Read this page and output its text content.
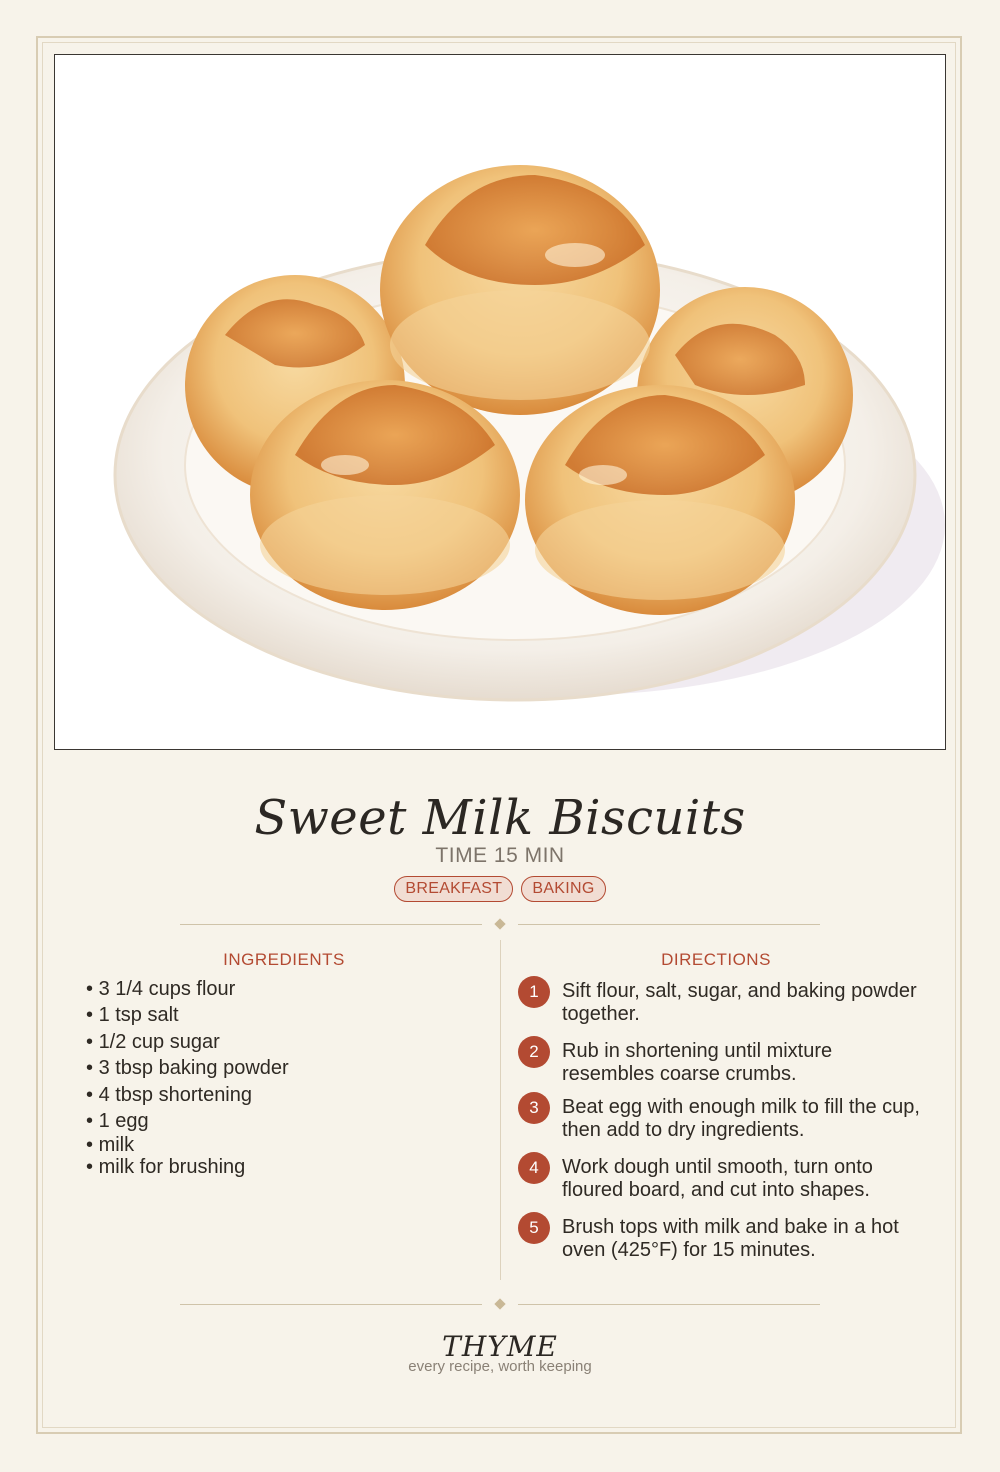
Sweet Milk Biscuits
TIME 15 MIN
BREAKFAST	BAKING
INGREDIENTS	DIRECTIONS
• 3 1/4 cups flour
• 1 tsp salt
• 1/2 cup sugar
• 3 tbsp baking powder
• 4 tbsp shortening
• 1 egg
• milk
• milk for brushing
1	Sift flour, salt, sugar, and baking powder together.
2	Rub in shortening until mixture resembles coarse crumbs.
3	Beat egg with enough milk to fill the cup, then add to dry ingredients.
4	Work dough until smooth, turn onto floured board, and cut into shapes.
5	Brush tops with milk and bake in a hot oven (425°F) for 15 minutes.
THYME
every recipe, worth keeping
